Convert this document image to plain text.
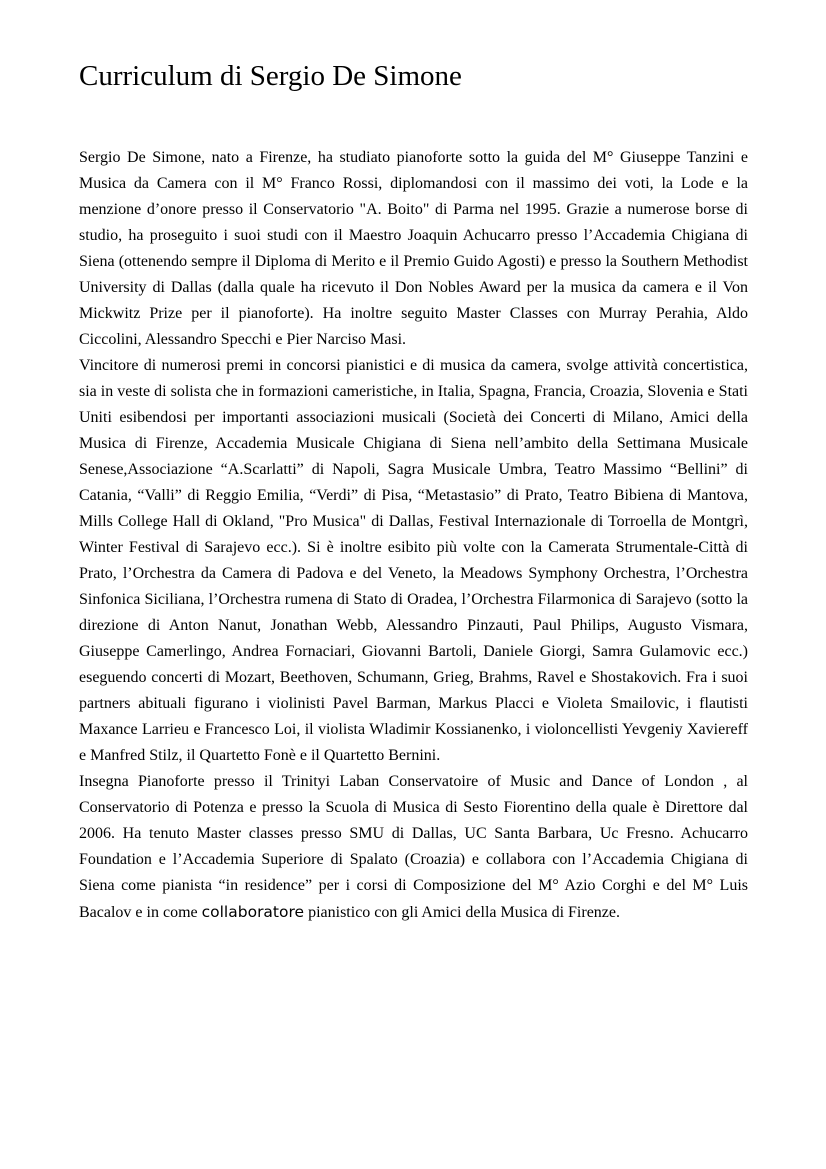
Curriculum di Sergio De Simone

Sergio De Simone, nato a Firenze, ha studiato pianoforte sotto la guida del M° Giuseppe Tanzini e Musica da Camera con il M° Franco Rossi, diplomandosi con il massimo dei voti, la Lode e la menzione d’onore presso il Conservatorio "A. Boito" di Parma nel 1995. Grazie a numerose borse di studio, ha proseguito i suoi studi con il Maestro Joaquin Achucarro presso l’Accademia Chigiana di Siena (ottenendo sempre il Diploma di Merito e il Premio Guido Agosti) e presso la Southern Methodist University di Dallas (dalla quale ha ricevuto il Don Nobles Award per la musica da camera e il Von Mickwitz Prize per il pianoforte). Ha inoltre seguito Master Classes con Murray Perahia, Aldo Ciccolini, Alessandro Specchi e Pier Narciso Masi.

Vincitore di numerosi premi in concorsi pianistici e di musica da camera, svolge attività concertistica, sia in veste di solista che in formazioni cameristiche, in Italia, Spagna, Francia, Croazia, Slovenia e Stati Uniti esibendosi per importanti associazioni musicali (Società dei Concerti di Milano, Amici della Musica di Firenze, Accademia Musicale Chigiana di Siena nell’ambito della Settimana Musicale Senese,Associazione “A.Scarlatti” di Napoli, Sagra Musicale Umbra, Teatro Massimo “Bellini” di Catania, “Valli” di Reggio Emilia, “Verdi” di Pisa, “Metastasio” di Prato, Teatro Bibiena di Mantova, Mills College Hall di Okland, "Pro Musica" di Dallas, Festival Internazionale di Torroella de Montgrì, Winter Festival di Sarajevo ecc.). Si è inoltre esibito più volte con la Camerata Strumentale-Città di Prato, l’Orchestra da Camera di Padova e del Veneto, la Meadows Symphony Orchestra, l’Orchestra Sinfonica Siciliana, l’Orchestra rumena di Stato di Oradea, l’Orchestra Filarmonica di Sarajevo (sotto la direzione di Anton Nanut, Jonathan Webb, Alessandro Pinzauti, Paul Philips, Augusto Vismara, Giuseppe Camerlingo, Andrea Fornaciari, Giovanni Bartoli, Daniele Giorgi, Samra Gulamovic ecc.) eseguendo concerti di Mozart, Beethoven, Schumann, Grieg, Brahms, Ravel e Shostakovich. Fra i suoi partners abituali figurano i violinisti Pavel Barman, Markus Placci e Violeta Smailovic, i flautisti Maxance Larrieu e Francesco Loi, il violista Wladimir Kossianenko, i violoncellisti Yevgeniy Xaviereff e Manfred Stilz, il Quartetto Fonè e il Quartetto Bernini.

Insegna Pianoforte presso il Trinityi Laban Conservatoire of Music and Dance of London , al Conservatorio di Potenza e presso la Scuola di Musica di Sesto Fiorentino della quale è Direttore dal 2006. Ha tenuto Master classes presso SMU di Dallas, UC Santa Barbara, Uc Fresno. Achucarro Foundation e l’Accademia Superiore di Spalato (Croazia) e collabora con l’Accademia Chigiana di Siena come pianista “in residence” per i corsi di Composizione del M° Azio Corghi e del M° Luis Bacalov e in come collaboratore pianistico con gli Amici della Musica di Firenze.
